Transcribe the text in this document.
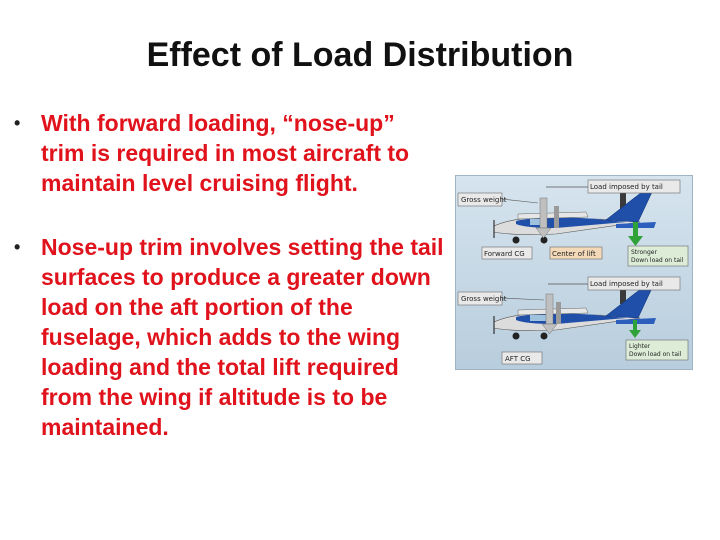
Effect of Load Distribution
• With forward loading, “nose-up” trim is required in most aircraft to maintain level cruising flight.
• Nose-up trim involves setting the tail surfaces to produce a greater down load on the aft portion of the fuselage, which adds to the wing loading and the total lift required from the wing if altitude is to be maintained.
Gross weight
Load imposed by tail
Forward CG	Center of lift	Stronger
Down load on tail
Gross weight
Load imposed by tail
AFT CG
Lighter
Down load on tail
